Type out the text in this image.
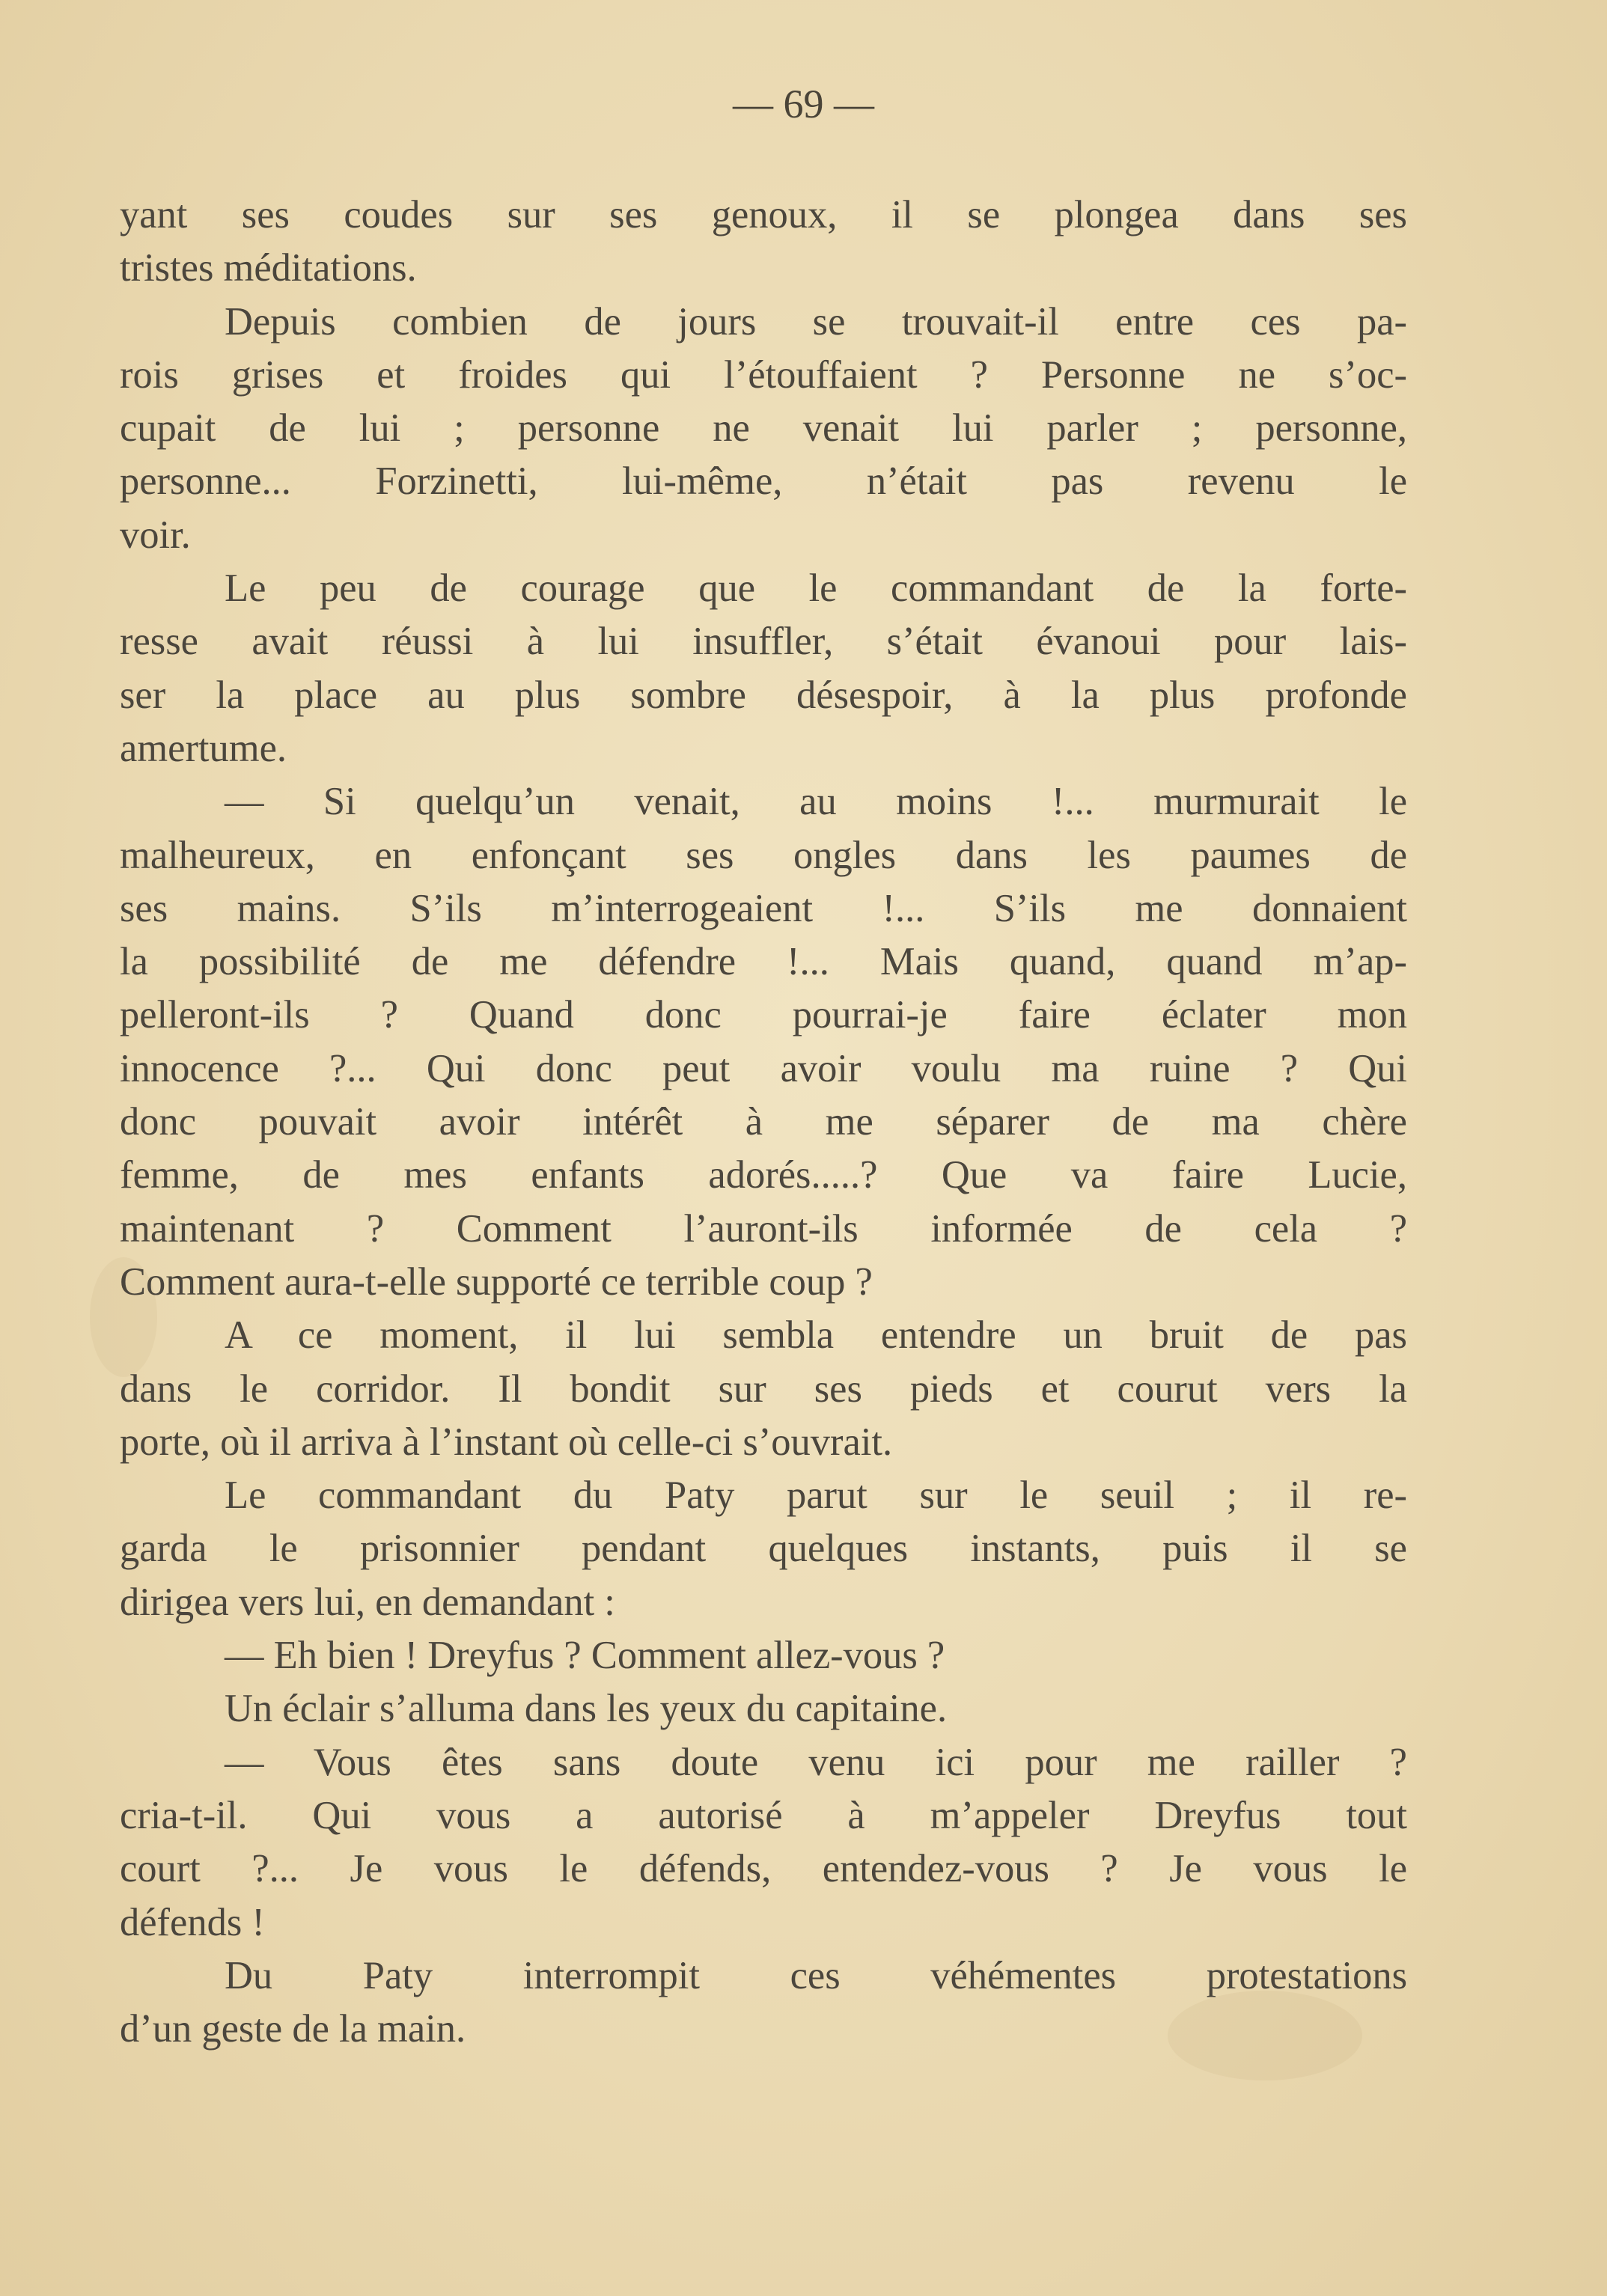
— 69 —
yant ses coudes sur ses genoux, il se plongea dans ses
tristes méditations.
Depuis combien de jours se trouvait-il entre ces pa-
rois grises et froides qui l’étouffaient ? Personne ne s’oc-
cupait de lui ; personne ne venait lui parler ; personne,
personne... Forzinetti, lui-même, n’était pas revenu le
voir.
Le peu de courage que le commandant de la forte-
resse avait réussi à lui insuffler, s’était évanoui pour lais-
ser la place au plus sombre désespoir, à la plus profonde
amertume.
— Si quelqu’un venait, au moins !... murmurait le
malheureux, en enfonçant ses ongles dans les paumes de
ses mains. S’ils m’interrogeaient !... S’ils me donnaient
la possibilité de me défendre !... Mais quand, quand m’ap-
pelleront-ils ? Quand donc pourrai-je faire éclater mon
innocence ?... Qui donc peut avoir voulu ma ruine ? Qui
donc pouvait avoir intérêt à me séparer de ma chère
femme, de mes enfants adorés.....? Que va faire Lucie,
maintenant ? Comment l’auront-ils informée de cela ?
Comment aura-t-elle supporté ce terrible coup ?
A ce moment, il lui sembla entendre un bruit de pas
dans le corridor. Il bondit sur ses pieds et courut vers la
porte, où il arriva à l’instant où celle-ci s’ouvrait.
Le commandant du Paty parut sur le seuil ; il re-
garda le prisonnier pendant quelques instants, puis il se
dirigea vers lui, en demandant :
— Eh bien ! Dreyfus ? Comment allez-vous ?
Un éclair s’alluma dans les yeux du capitaine.
— Vous êtes sans doute venu ici pour me railler ?
cria-t-il. Qui vous a autorisé à m’appeler Dreyfus tout
court ?... Je vous le défends, entendez-vous ? Je vous le
défends !
Du Paty interrompit ces véhémentes protestations
d’un geste de la main.
